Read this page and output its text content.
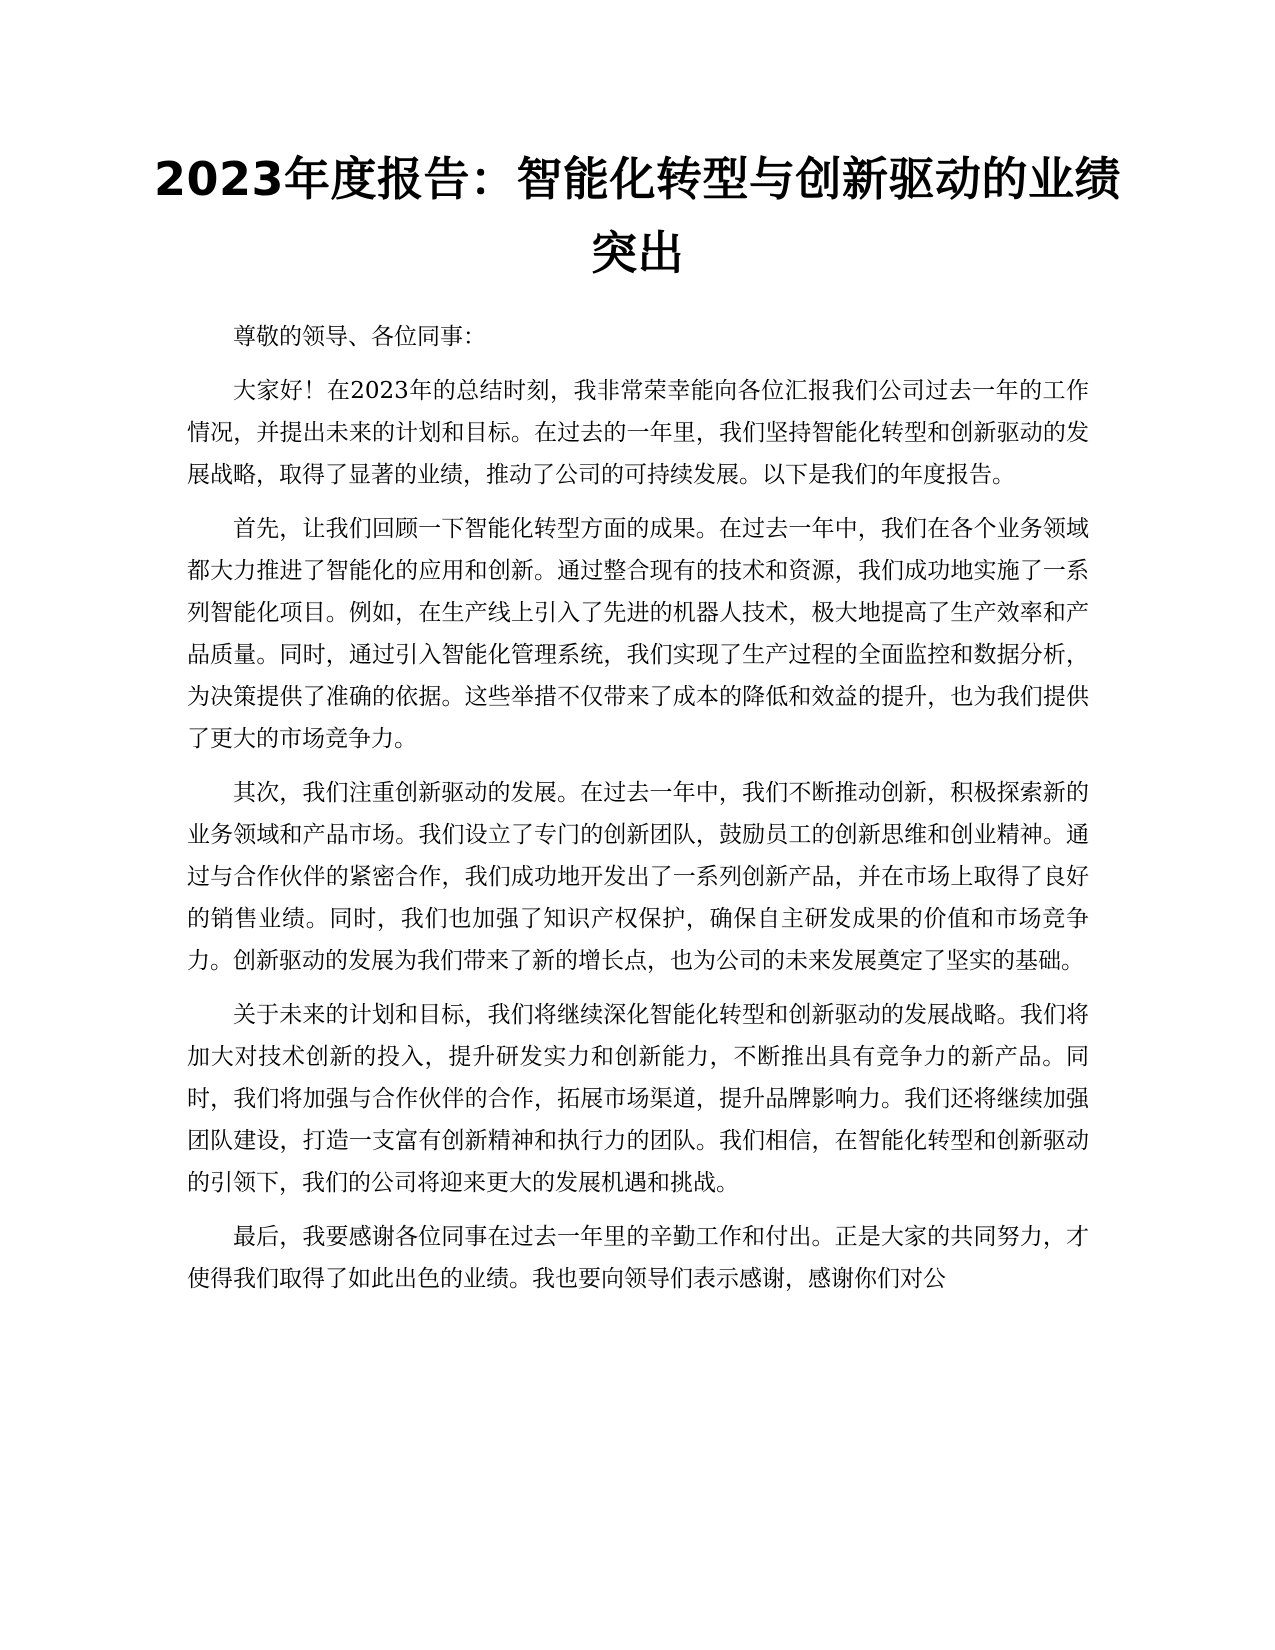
2023年度报告：智能化转型与创新驱动的业绩突出

尊敬的领导、各位同事：

大家好！在2023年的总结时刻，我非常荣幸能向各位汇报我们公司过去一年的工作情况，并提出未来的计划和目标。在过去的一年里，我们坚持智能化转型和创新驱动的发展战略，取得了显著的业绩，推动了公司的可持续发展。以下是我们的年度报告。

首先，让我们回顾一下智能化转型方面的成果。在过去一年中，我们在各个业务领域都大力推进了智能化的应用和创新。通过整合现有的技术和资源，我们成功地实施了一系列智能化项目。例如，在生产线上引入了先进的机器人技术，极大地提高了生产效率和产品质量。同时，通过引入智能化管理系统，我们实现了生产过程的全面监控和数据分析，为决策提供了准确的依据。这些举措不仅带来了成本的降低和效益的提升，也为我们提供了更大的市场竞争力。

其次，我们注重创新驱动的发展。在过去一年中，我们不断推动创新，积极探索新的业务领域和产品市场。我们设立了专门的创新团队，鼓励员工的创新思维和创业精神。通过与合作伙伴的紧密合作，我们成功地开发出了一系列创新产品，并在市场上取得了良好的销售业绩。同时，我们也加强了知识产权保护，确保自主研发成果的价值和市场竞争力。创新驱动的发展为我们带来了新的增长点，也为公司的未来发展奠定了坚实的基础。

关于未来的计划和目标，我们将继续深化智能化转型和创新驱动的发展战略。我们将加大对技术创新的投入，提升研发实力和创新能力，不断推出具有竞争力的新产品。同时，我们将加强与合作伙伴的合作，拓展市场渠道，提升品牌影响力。我们还将继续加强团队建设，打造一支富有创新精神和执行力的团队。我们相信，在智能化转型和创新驱动的引领下，我们的公司将迎来更大的发展机遇和挑战。

最后，我要感谢各位同事在过去一年里的辛勤工作和付出。正是大家的共同努力，才使得我们取得了如此出色的业绩。我也要向领导们表示感谢，感谢你们对公
